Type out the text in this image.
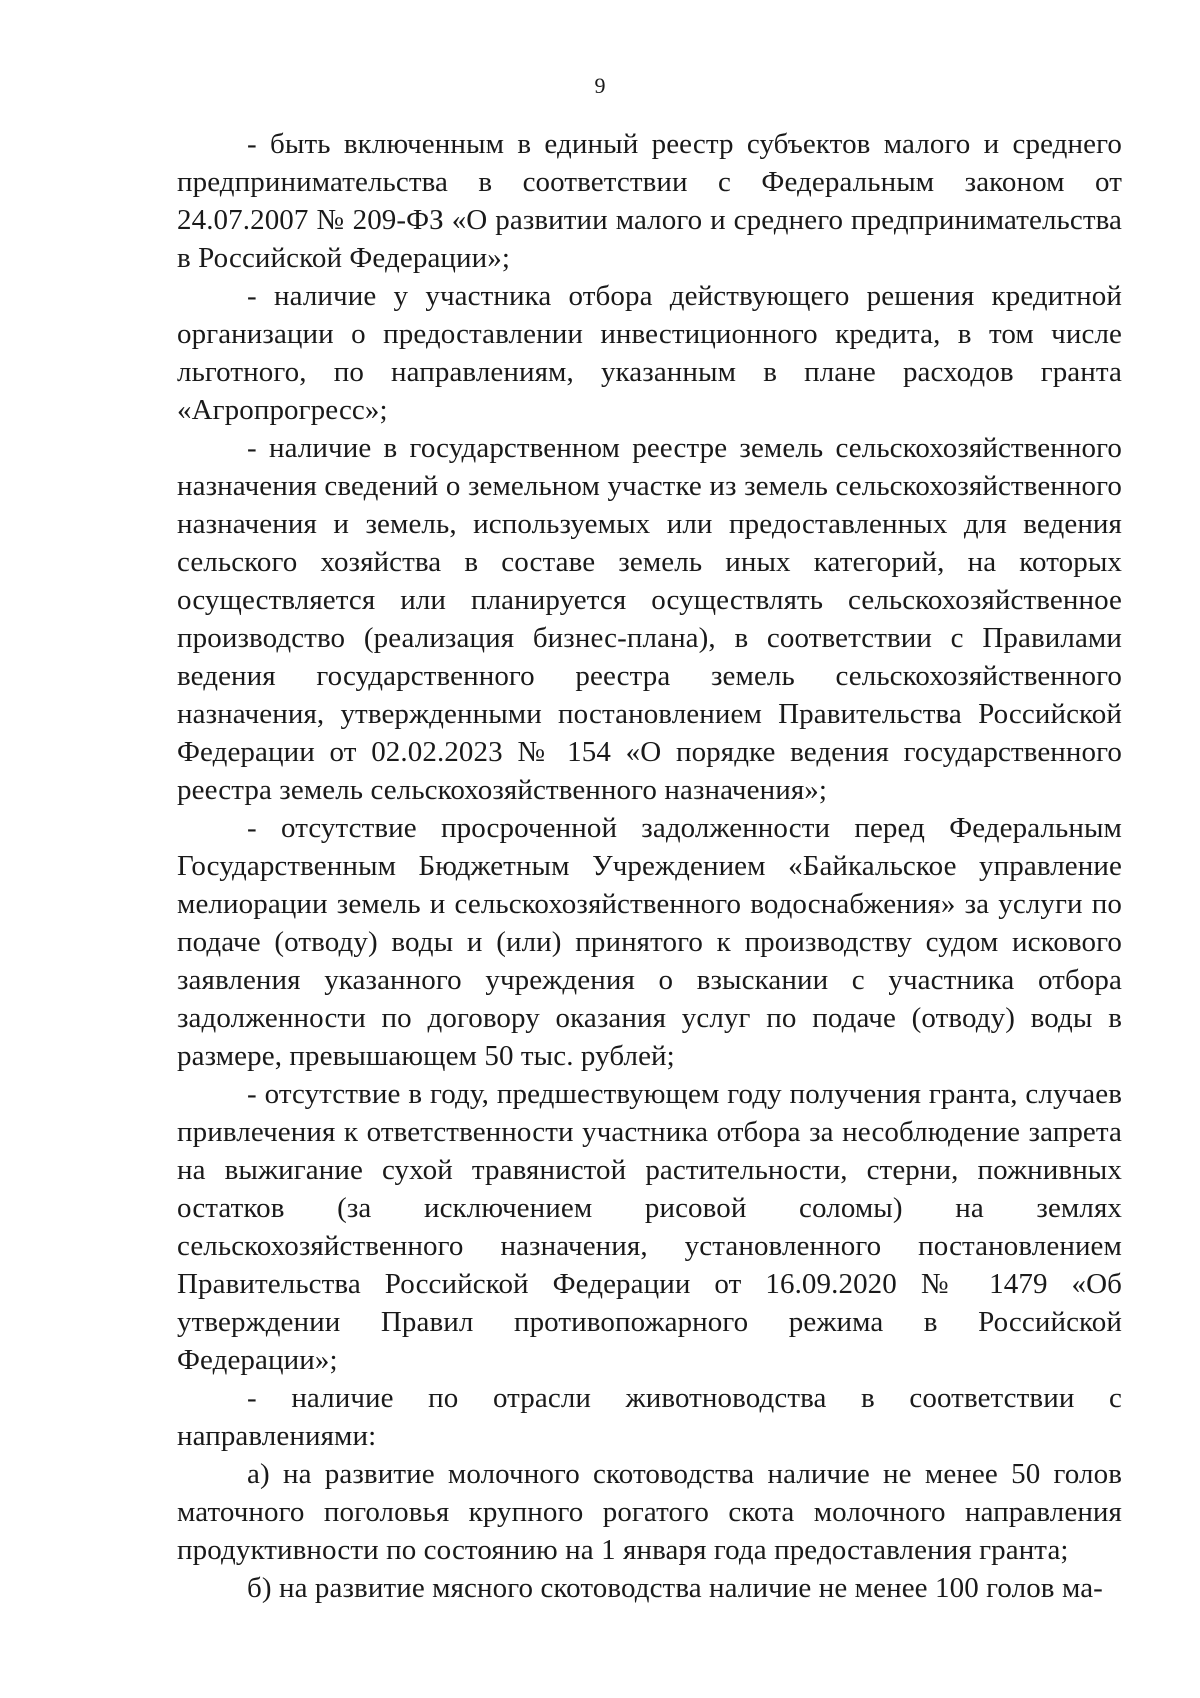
9

- быть включенным в единый реестр субъектов малого и среднего предпринимательства в соответствии с Федеральным законом от 24.07.2007 № 209-ФЗ «О развитии малого и среднего предпринимательства в Российской Федерации»;

- наличие у участника отбора действующего решения кредитной организации о предоставлении инвестиционного кредита, в том числе льготного, по направлениям, указанным в плане расходов гранта «Агропрогресс»;

- наличие в государственном реестре земель сельскохозяйственного назначения сведений о земельном участке из земель сельскохозяйственного назначения и земель, используемых или предоставленных для ведения сельского хозяйства в составе земель иных категорий, на которых осуществляется или планируется осуществлять сельскохозяйственное производство (реализация бизнес-плана), в соответствии с Правилами ведения государственного реестра земель сельскохозяйственного назначения, утвержденными постановлением Правительства Российской Федерации от 02.02.2023 № 154 «О порядке ведения государственного реестра земель сельскохозяйственного назначения»;

- отсутствие просроченной задолженности перед Федеральным Государственным Бюджетным Учреждением «Байкальское управление мелиорации земель и сельскохозяйственного водоснабжения» за услуги по подаче (отводу) воды и (или) принятого к производству судом искового заявления указанного учреждения о взыскании с участника отбора задолженности по договору оказания услуг по подаче (отводу) воды в размере, превышающем 50 тыс. рублей;

- отсутствие в году, предшествующем году получения гранта, случаев привлечения к ответственности участника отбора за несоблюдение запрета на выжигание сухой травянистой растительности, стерни, пожнивных остатков (за исключением рисовой соломы) на землях сельскохозяйственного назначения, установленного постановлением Правительства Российской Федерации от 16.09.2020 № 1479 «Об утверждении Правил противопожарного режима в Российской Федерации»;

- наличие по отрасли животноводства в соответствии с направлениями:

а) на развитие молочного скотоводства наличие не менее 50 голов маточного поголовья крупного рогатого скота молочного направления продуктивности по состоянию на 1 января года предоставления гранта;

б) на развитие мясного скотоводства наличие не менее 100 голов ма-
